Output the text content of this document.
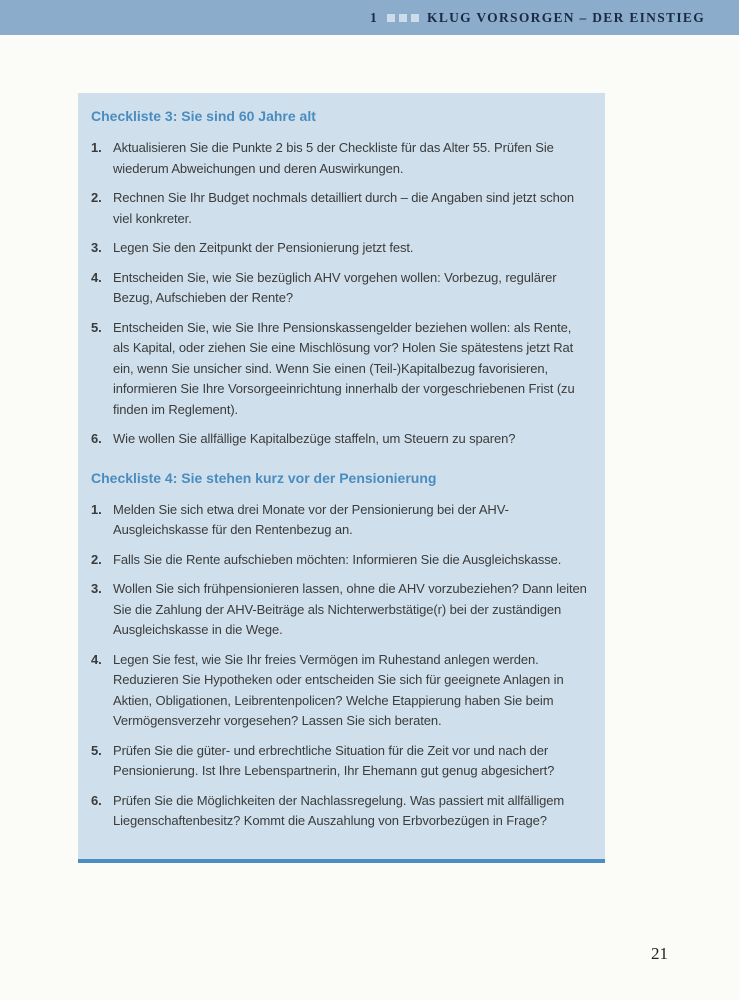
1	KLUG VORSORGEN – DER EINSTIEG
Checkliste 3: Sie sind 60 Jahre alt
1. Aktualisieren Sie die Punkte 2 bis 5 der Checkliste für das Alter 55. Prüfen Sie wiederum Abweichungen und deren Auswirkungen.
2. Rechnen Sie Ihr Budget nochmals detailliert durch – die Angaben sind jetzt schon viel konkreter.
3. Legen Sie den Zeitpunkt der Pensionierung jetzt fest.
4. Entscheiden Sie, wie Sie bezüglich AHV vorgehen wollen: Vorbezug, regulärer Bezug, Aufschieben der Rente?
5. Entscheiden Sie, wie Sie Ihre Pensionskassengelder beziehen wollen: als Rente, als Kapital, oder ziehen Sie eine Mischlösung vor? Holen Sie spätestens jetzt Rat ein, wenn Sie unsicher sind. Wenn Sie einen (Teil-)Kapitalbezug favorisieren, informieren Sie Ihre Vorsorgeeinrichtung innerhalb der vorgeschriebenen Frist (zu finden im Reglement).
6. Wie wollen Sie allfällige Kapitalbezüge staffeln, um Steuern zu sparen?
Checkliste 4: Sie stehen kurz vor der Pensionierung
1. Melden Sie sich etwa drei Monate vor der Pensionierung bei der AHV-Ausgleichskasse für den Rentenbezug an.
2. Falls Sie die Rente aufschieben möchten: Informieren Sie die Ausgleichskasse.
3. Wollen Sie sich frühpensionieren lassen, ohne die AHV vorzubeziehen? Dann leiten Sie die Zahlung der AHV-Beiträge als Nichterwerbstätige(r) bei der zuständigen Ausgleichskasse in die Wege.
4. Legen Sie fest, wie Sie Ihr freies Vermögen im Ruhestand anlegen werden. Reduzieren Sie Hypotheken oder entscheiden Sie sich für geeignete Anlagen in Aktien, Obligationen, Leibrentenpolicen? Welche Etappierung haben Sie beim Vermögensverzehr vorgesehen? Lassen Sie sich beraten.
5. Prüfen Sie die güter- und erbrechtliche Situation für die Zeit vor und nach der Pensionierung. Ist Ihre Lebenspartnerin, Ihr Ehemann gut genug abgesichert?
6. Prüfen Sie die Möglichkeiten der Nachlassregelung. Was passiert mit allfälligem Liegenschaftenbesitz? Kommt die Auszahlung von Erbvorbezügen in Frage?
21
